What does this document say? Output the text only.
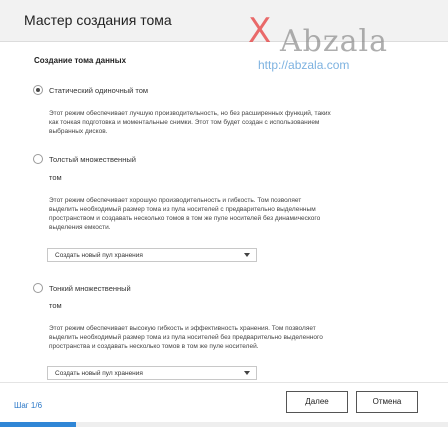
Мастер создания тома X Abzala
http://abzala.com
Создание тома данных
Статический одиночный том
Этот режим обеспечивает лучшую производительность, но без расширенных функций, таких
как тонкая подготовка и моментальные снимки. Этот том будет создан с использованием
выбранных дисков.
Толстый множественный
том
Этот режим обеспечивает хорошую производительность и гибкость. Том позволяет
выделить необходимый размер тома из пула носителей с предварительно выделенным
пространством и создавать несколько томов в том же пуле носителей без динамического
выделения емкости.
Создать новый пул хранения
Тонкий множественный
том
Этот режим обеспечивает высокую гибкость и эффективность хранения. Том позволяет
выделить необходимый размер тома из пула носителей без предварительно выделенного
пространства и создавать несколько томов в том же пуле носителей.
Создать новый пул хранения
Шаг 1/6	Далее	Отмена
